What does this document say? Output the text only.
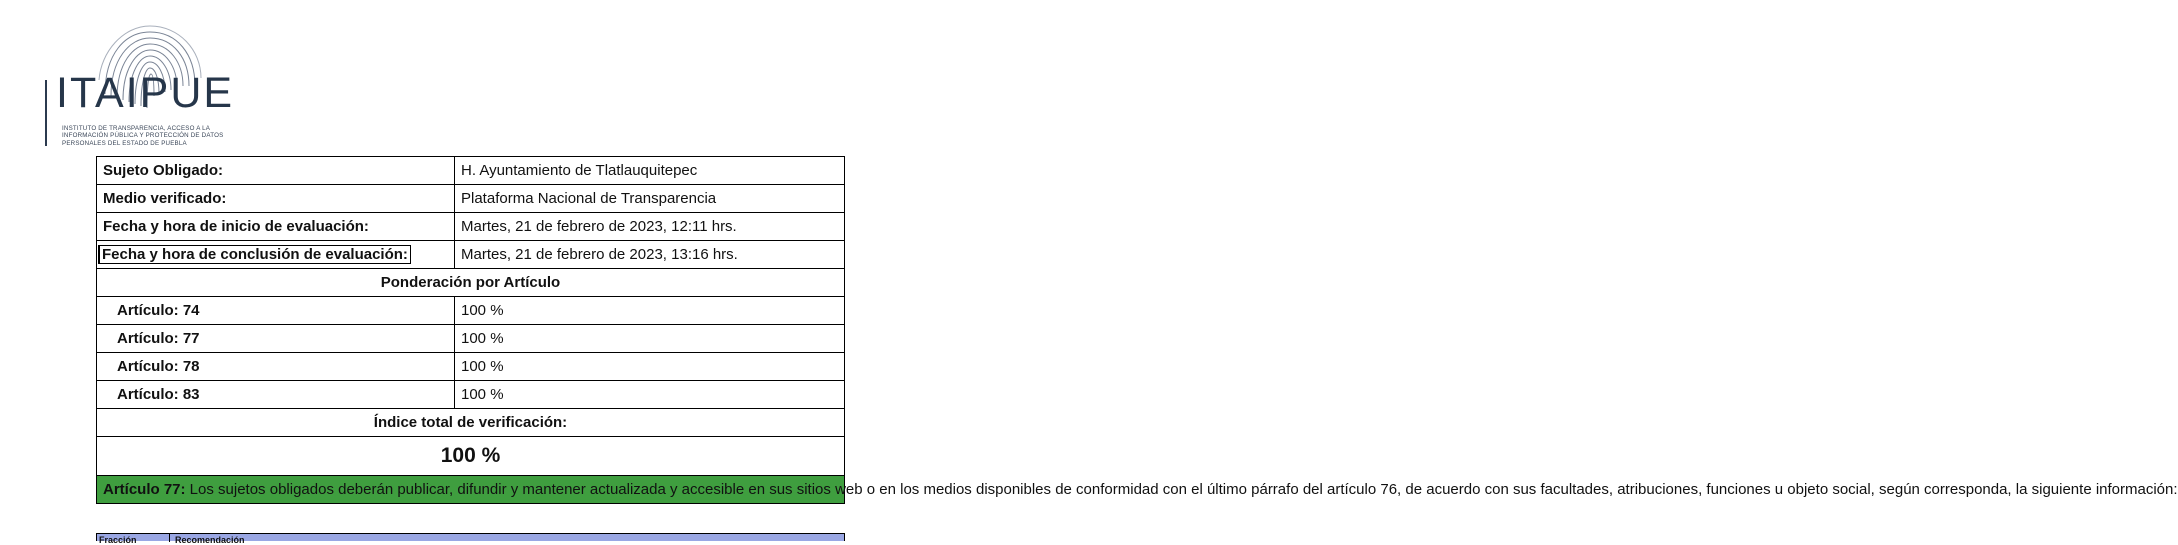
ITAIPUE
INSTITUTO DE TRANSPARENCIA, ACCESO A LA INFORMACIÓN PÚBLICA Y PROTECCIÓN DE DATOS PERSONALES DEL ESTADO DE PUEBLA
Sujeto Obligado:	H. Ayuntamiento de Tlatlauquitepec
Medio verificado:	Plataforma Nacional de Transparencia
Fecha y hora de inicio de evaluación:	Martes, 21 de febrero de 2023, 12:11 hrs.
Fecha y hora de conclusión de evaluación:	Martes, 21 de febrero de 2023, 13:16 hrs.
Ponderación por Artículo	
Artículo: 74	100 %
Artículo: 77	100 %
Artículo: 78	100 %
Artículo: 83	100 %
Índice total de verificación:	
100 %	
Artículo 77: Los sujetos obligados deberán publicar, difundir y mantener actualizada y accesible en sus sitios web o en los medios disponibles de conformidad con el último párrafo del artículo 76, de acuerdo con sus facultades, atribuciones, funciones u objeto social, según corresponda, la siguiente información:	
Fracción	Recomendación
